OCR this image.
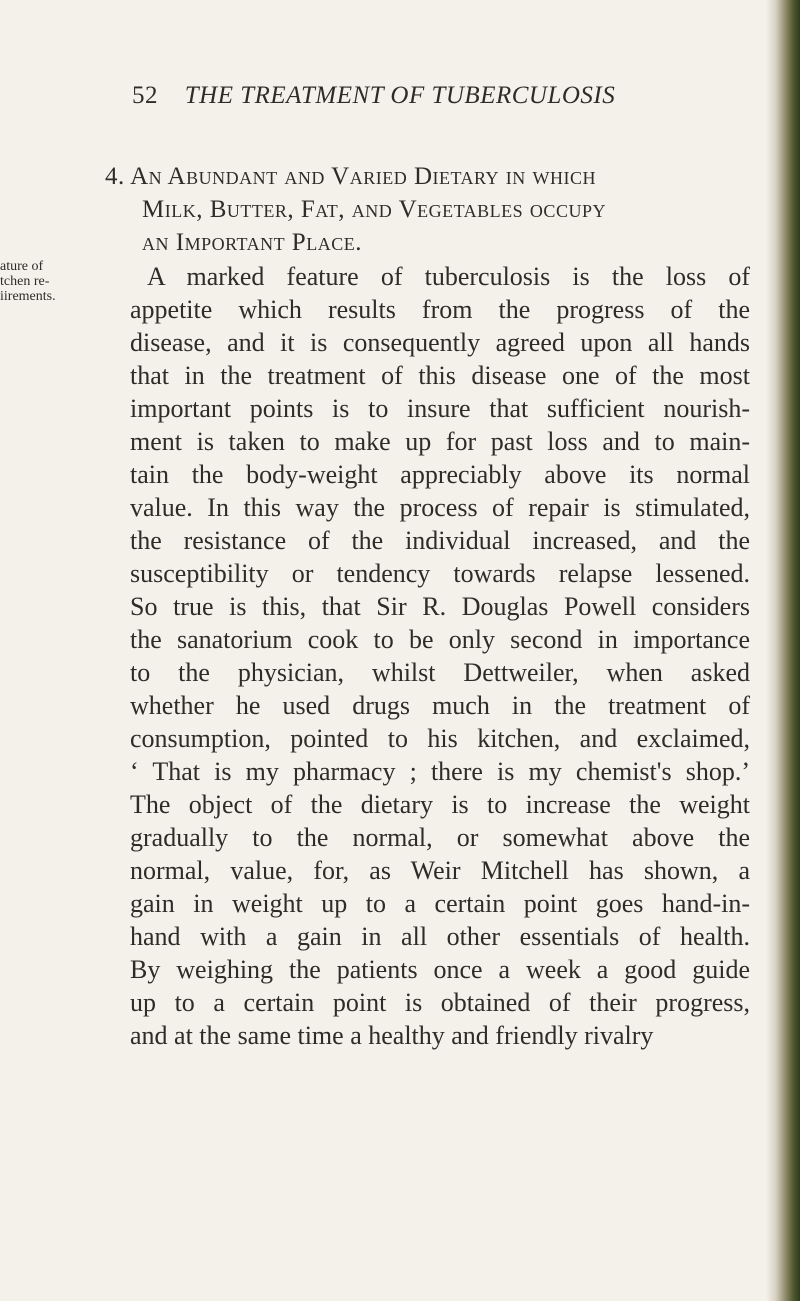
52 THE TREATMENT OF TUBERCULOSIS
4. An Abundant and Varied Dietary in which
Milk, Butter, Fat, and Vegetables occupy
an Important Place.
ature of
tchen re-
iirements.
A marked feature of tuberculosis is the loss of
appetite which results from the progress of the
disease, and it is consequently agreed upon all hands
that in the treatment of this disease one of the most
important points is to insure that sufficient nourish-
ment is taken to make up for past loss and to main-
tain the body-weight appreciably above its normal
value. In this way the process of repair is stimulated,
the resistance of the individual increased, and the
susceptibility or tendency towards relapse lessened.
So true is this, that Sir R. Douglas Powell considers
the sanatorium cook to be only second in importance
to the physician, whilst Dettweiler, when asked
whether he used drugs much in the treatment of
consumption, pointed to his kitchen, and exclaimed,
‘ That is my pharmacy ; there is my chemist's shop.’
The object of the dietary is to increase the weight
gradually to the normal, or somewhat above the
normal, value, for, as Weir Mitchell has shown, a
gain in weight up to a certain point goes hand-in-
hand with a gain in all other essentials of health.
By weighing the patients once a week a good guide
up to a certain point is obtained of their progress,
and at the same time a healthy and friendly rivalry
